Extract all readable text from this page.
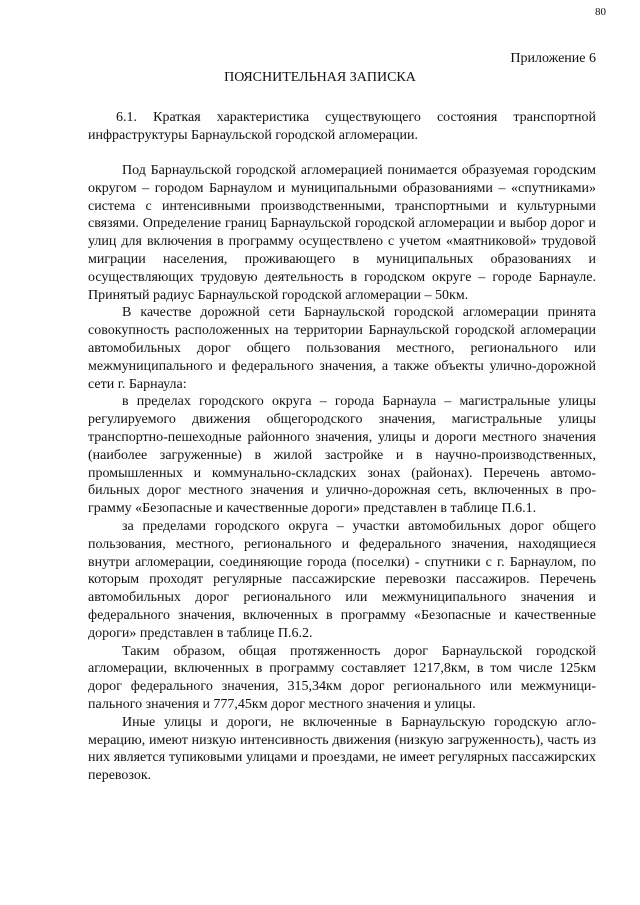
80
Приложение 6
ПОЯСНИТЕЛЬНАЯ ЗАПИСКА

6.1. Краткая характеристика существующего состояния транспортной инфраструктуры Барнаульской городской агломерации.

Под Барнаульской городской агломерацией понимается образуемая городским округом – городом Барнаулом и муниципальными образованиями – «спутниками» система с интенсивными производственными, транспортными и культурными связями. Определение границ Барнаульской городской агломерации и выбор дорог и улиц для включения в программу осуществлено с учетом «маятниковой» трудовой миграции населения, проживающего в муниципальных образованиях и осуществляющих трудовую деятельность в городском округе – городе Барнауле. Принятый радиус Барнаульской городской агломерации – 50км.

В качестве дорожной сети Барнаульской городской агломерации принята совокупность расположенных на территории Барнаульской городской агломерации автомобильных дорог общего пользования местного, регионального или межмуниципального и федерального значения, а также объекты улично-дорожной сети г. Барнаула:

в пределах городского округа – города Барнаула – магистральные улицы регулируемого движения общегородского значения, магистральные улицы транспортно-пешеходные районного значения, улицы и дороги местного значения (наиболее загруженные) в жилой застройке и в научно-производственных, промышленных и коммунально-складских зонах (районах). Перечень автомобильных дорог местного значения и улично-дорожная сеть, включенных в программу «Безопасные и качественные дороги» представлен в таблице П.6.1.

за пределами городского округа – участки автомобильных дорог общего пользования, местного, регионального и федерального значения, находящиеся внутри агломерации, соединяющие города (поселки) - спутники с г. Барнаулом, по которым проходят регулярные пассажирские перевозки пассажиров. Перечень автомобильных дорог регионального или межмуниципального значения и федерального значения, включенных в программу «Безопасные и качественные дороги» представлен в таблице П.6.2.

Таким образом, общая протяженность дорог Барнаульской городской агломерации, включенных в программу составляет 1217,8км, в том числе 125км дорог федерального значения, 315,34км дорог регионального или межмуниципального значения и 777,45км дорог местного значения и улицы.

Иные улицы и дороги, не включенные в Барнаульскую городскую агломерацию, имеют низкую интенсивность движения (низкую загруженность), часть из них является тупиковыми улицами и проездами, не имеет регулярных пассажирских перевозок.
